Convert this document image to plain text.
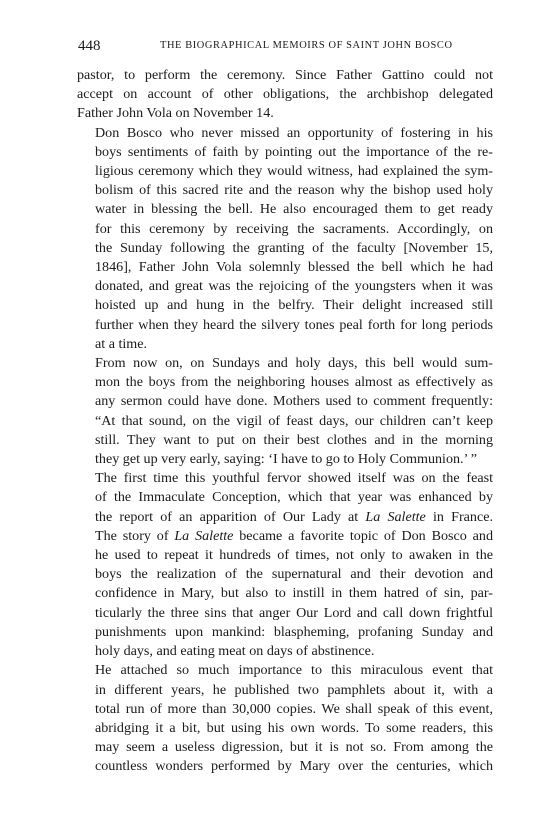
448	THE BIOGRAPHICAL MEMOIRS OF SAINT JOHN BOSCO

pastor, to perform the ceremony. Since Father Gattino could not
accept on account of other obligations, the archbishop delegated
Father John Vola on November 14.

Don Bosco who never missed an opportunity of fostering in his
boys sentiments of faith by pointing out the importance of the re-
ligious ceremony which they would witness, had explained the sym-
bolism of this sacred rite and the reason why the bishop used holy
water in blessing the bell. He also encouraged them to get ready
for this ceremony by receiving the sacraments. Accordingly, on
the Sunday following the granting of the faculty [November 15,
1846], Father John Vola solemnly blessed the bell which he had
donated, and great was the rejoicing of the youngsters when it was
hoisted up and hung in the belfry. Their delight increased still
further when they heard the silvery tones peal forth for long periods
at a time.

From now on, on Sundays and holy days, this bell would sum-
mon the boys from the neighboring houses almost as effectively as
any sermon could have done. Mothers used to comment frequently:
“At that sound, on the vigil of feast days, our children can’t keep
still. They want to put on their best clothes and in the morning
they get up very early, saying: ‘I have to go to Holy Communion.’ ”

The first time this youthful fervor showed itself was on the feast
of the Immaculate Conception, which that year was enhanced by
the report of an apparition of Our Lady at La Salette in France.
The story of La Salette became a favorite topic of Don Bosco and
he used to repeat it hundreds of times, not only to awaken in the
boys the realization of the supernatural and their devotion and
confidence in Mary, but also to instill in them hatred of sin, par-
ticularly the three sins that anger Our Lord and call down frightful
punishments upon mankind: blaspheming, profaning Sunday and
holy days, and eating meat on days of abstinence.

He attached so much importance to this miraculous event that
in different years, he published two pamphlets about it, with a
total run of more than 30,000 copies. We shall speak of this event,
abridging it a bit, but using his own words. To some readers, this
may seem a useless digression, but it is not so. From among the
countless wonders performed by Mary over the centuries, which
